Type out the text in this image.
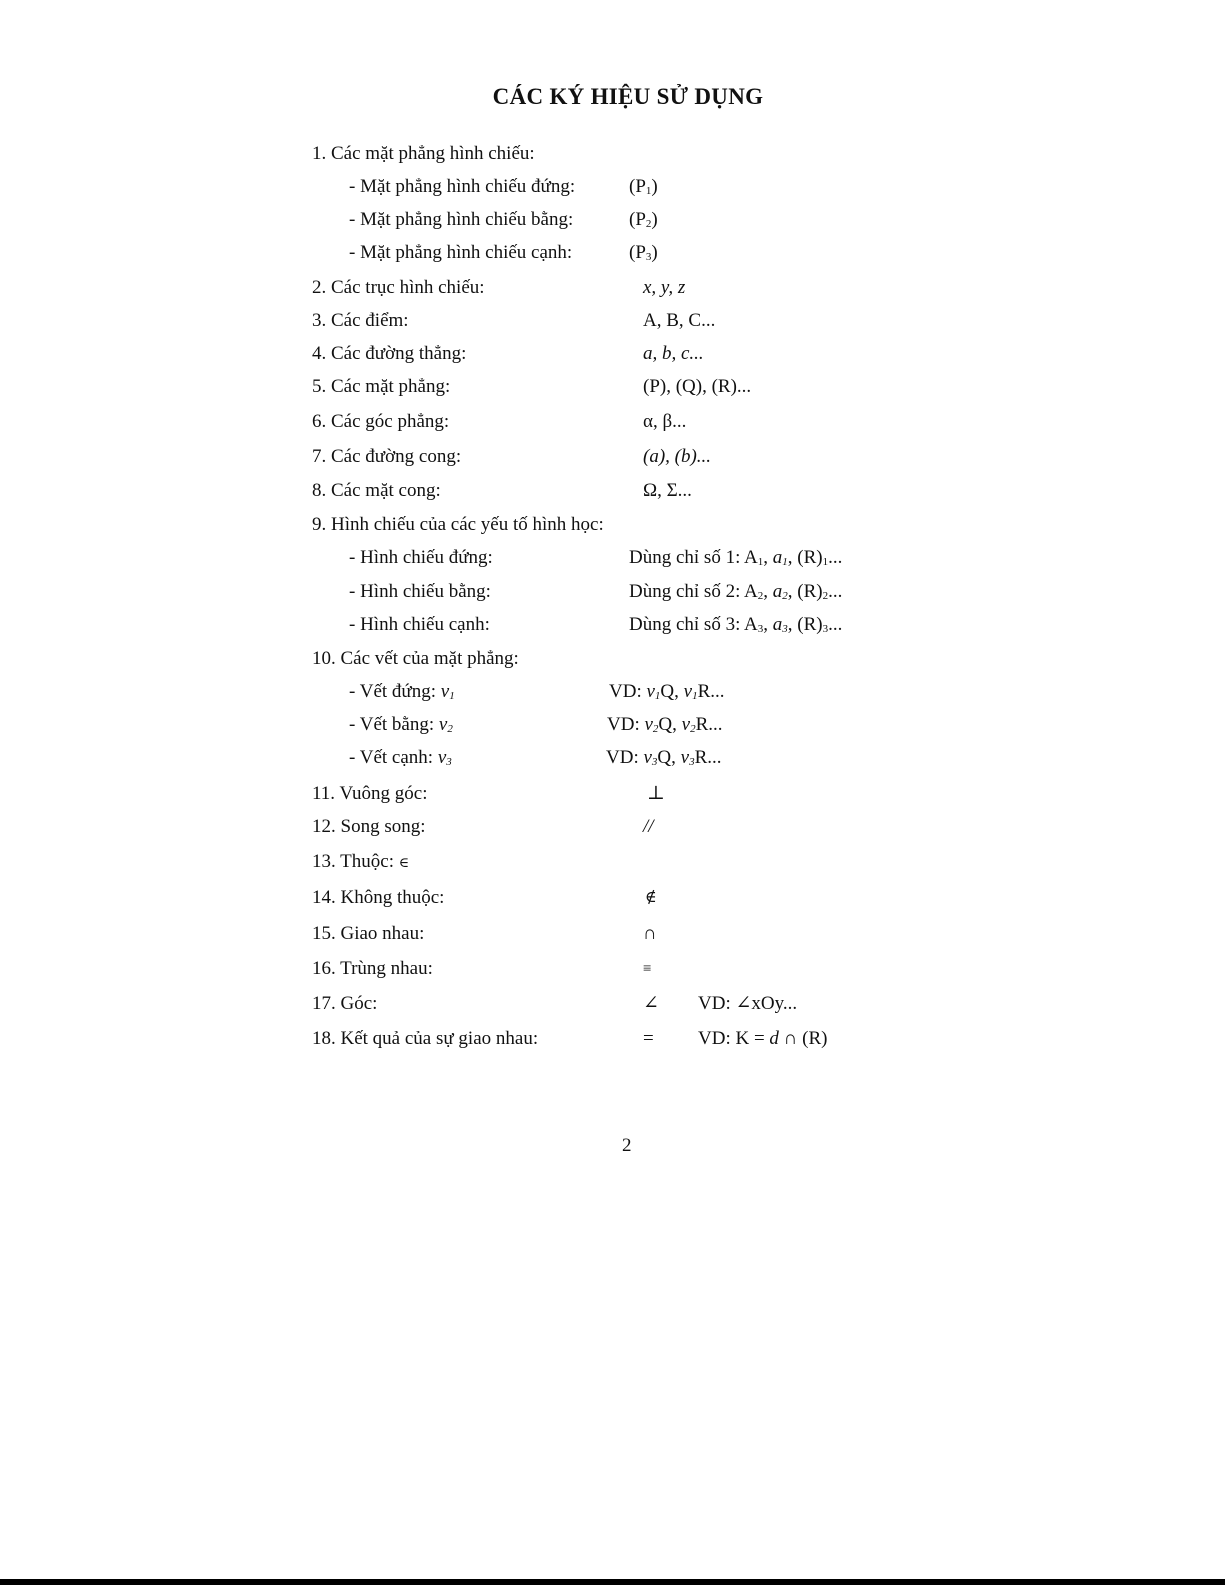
CÁC KÝ HIỆU SỬ DỤNG
1. Các mặt phẳng hình chiếu:
- Mặt phẳng hình chiếu đứng:	$(P_1)$
- Mặt phẳng hình chiếu bằng:	$(P_2)$
- Mặt phẳng hình chiếu cạnh:	$(P_3)$
2. Các trục hình chiếu:	x, y, z
3. Các điểm:	A, B, C...
4. Các đường thẳng:	a, b, c...
5. Các mặt phẳng:	(P), (Q), (R)...
6. Các góc phẳng:	α, β...
7. Các đường cong:	(a), (b)...
8. Các mặt cong:	Ω, Σ...
9. Hình chiếu của các yếu tố hình học:
- Hình chiếu đứng:	Dùng chỉ số 1: $A_1$, $a_1$, $(R)_1$...
- Hình chiếu bằng:	Dùng chỉ số 2: $A_2$, $a_2$, $(R)_2$...
- Hình chiếu cạnh:	Dùng chỉ số 3: $A_3$, $a_3$, $(R)_3$...
10. Các vết của mặt phẳng:
- Vết đứng: $v_1$	VD: $v_1Q$, $v_1R$...
- Vết bằng: $v_2$	VD: $v_2Q$, $v_2R$...
- Vết cạnh: $v_3$	VD: $v_3Q$, $v_3R$...
11. Vuông góc:	⊥
12. Song song:	//
13. Thuộc: ∈
14. Không thuộc:	∉
15. Giao nhau:	∩
16. Trùng nhau:	≡
17. Góc:	∠ VD: ∠xOy...
18. Kết quả của sự giao nhau:	= VD: K = d ∩ (R)
2
